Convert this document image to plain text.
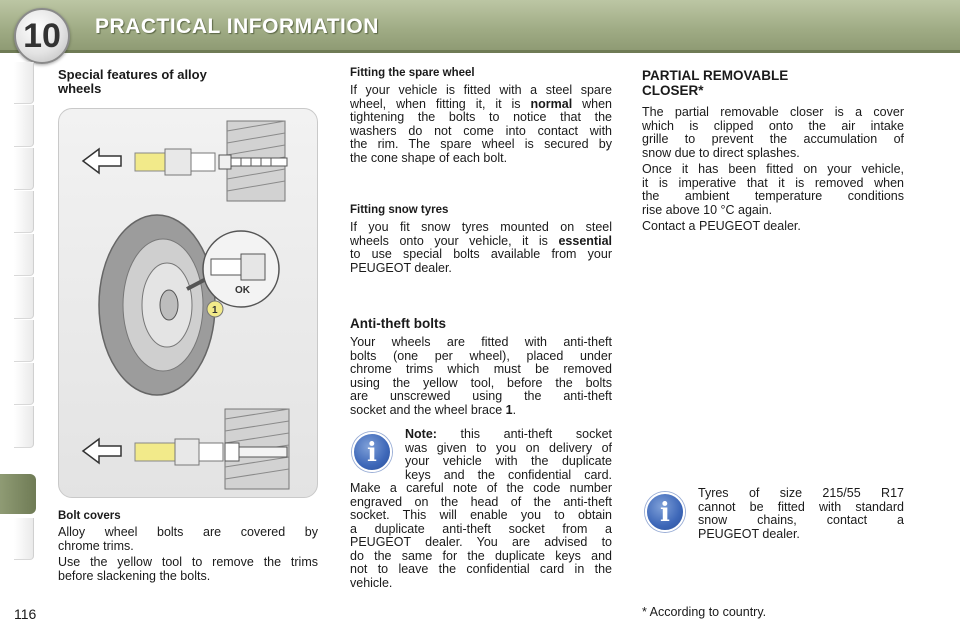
10 PRACTICAL INFORMATION
Special features of alloy
wheels
OK
1
Bolt covers
Alloy wheel bolts are covered by
chrome trims.
Use the yellow tool to remove the trims
before slackening the bolts.
Fitting the spare wheel
If your vehicle is fitted with a steel spare
wheel, when fitting it, it is normal when
tightening the bolts to notice that the
washers do not come into contact with
the rim. The spare wheel is secured by
the cone shape of each bolt.
Fitting snow tyres
If you fit snow tyres mounted on steel
wheels onto your vehicle, it is essential
to use special bolts available from your
PEUGEOT dealer.
Anti-theft bolts
Your wheels are fitted with anti-theft
bolts (one per wheel), placed under
chrome trims which must be removed
using the yellow tool, before the bolts
are unscrewed using the anti-theft
socket and the wheel brace 1.
i
Note: this anti-theft socket
was given to you on delivery of
your vehicle with the duplicate
keys and the confidential card.
Make a careful note of the code number
engraved on the head of the anti-theft
socket. This will enable you to obtain
a duplicate anti-theft socket from a
PEUGEOT dealer. You are advised to
do the same for the duplicate keys and
not to leave the confidential card in the
vehicle.
PARTIAL REMOVABLE
CLOSER*
The partial removable closer is a cover
which is clipped onto the air intake
grille to prevent the accumulation of
snow due to direct splashes.
Once it has been fitted on your vehicle,
it is imperative that it is removed when
the ambient temperature conditions
rise above 10 °C again.
Contact a PEUGEOT dealer.
i
Tyres of size 215/55 R17
cannot be fitted with standard
snow chains, contact a
PEUGEOT dealer.
116	* According to country.
